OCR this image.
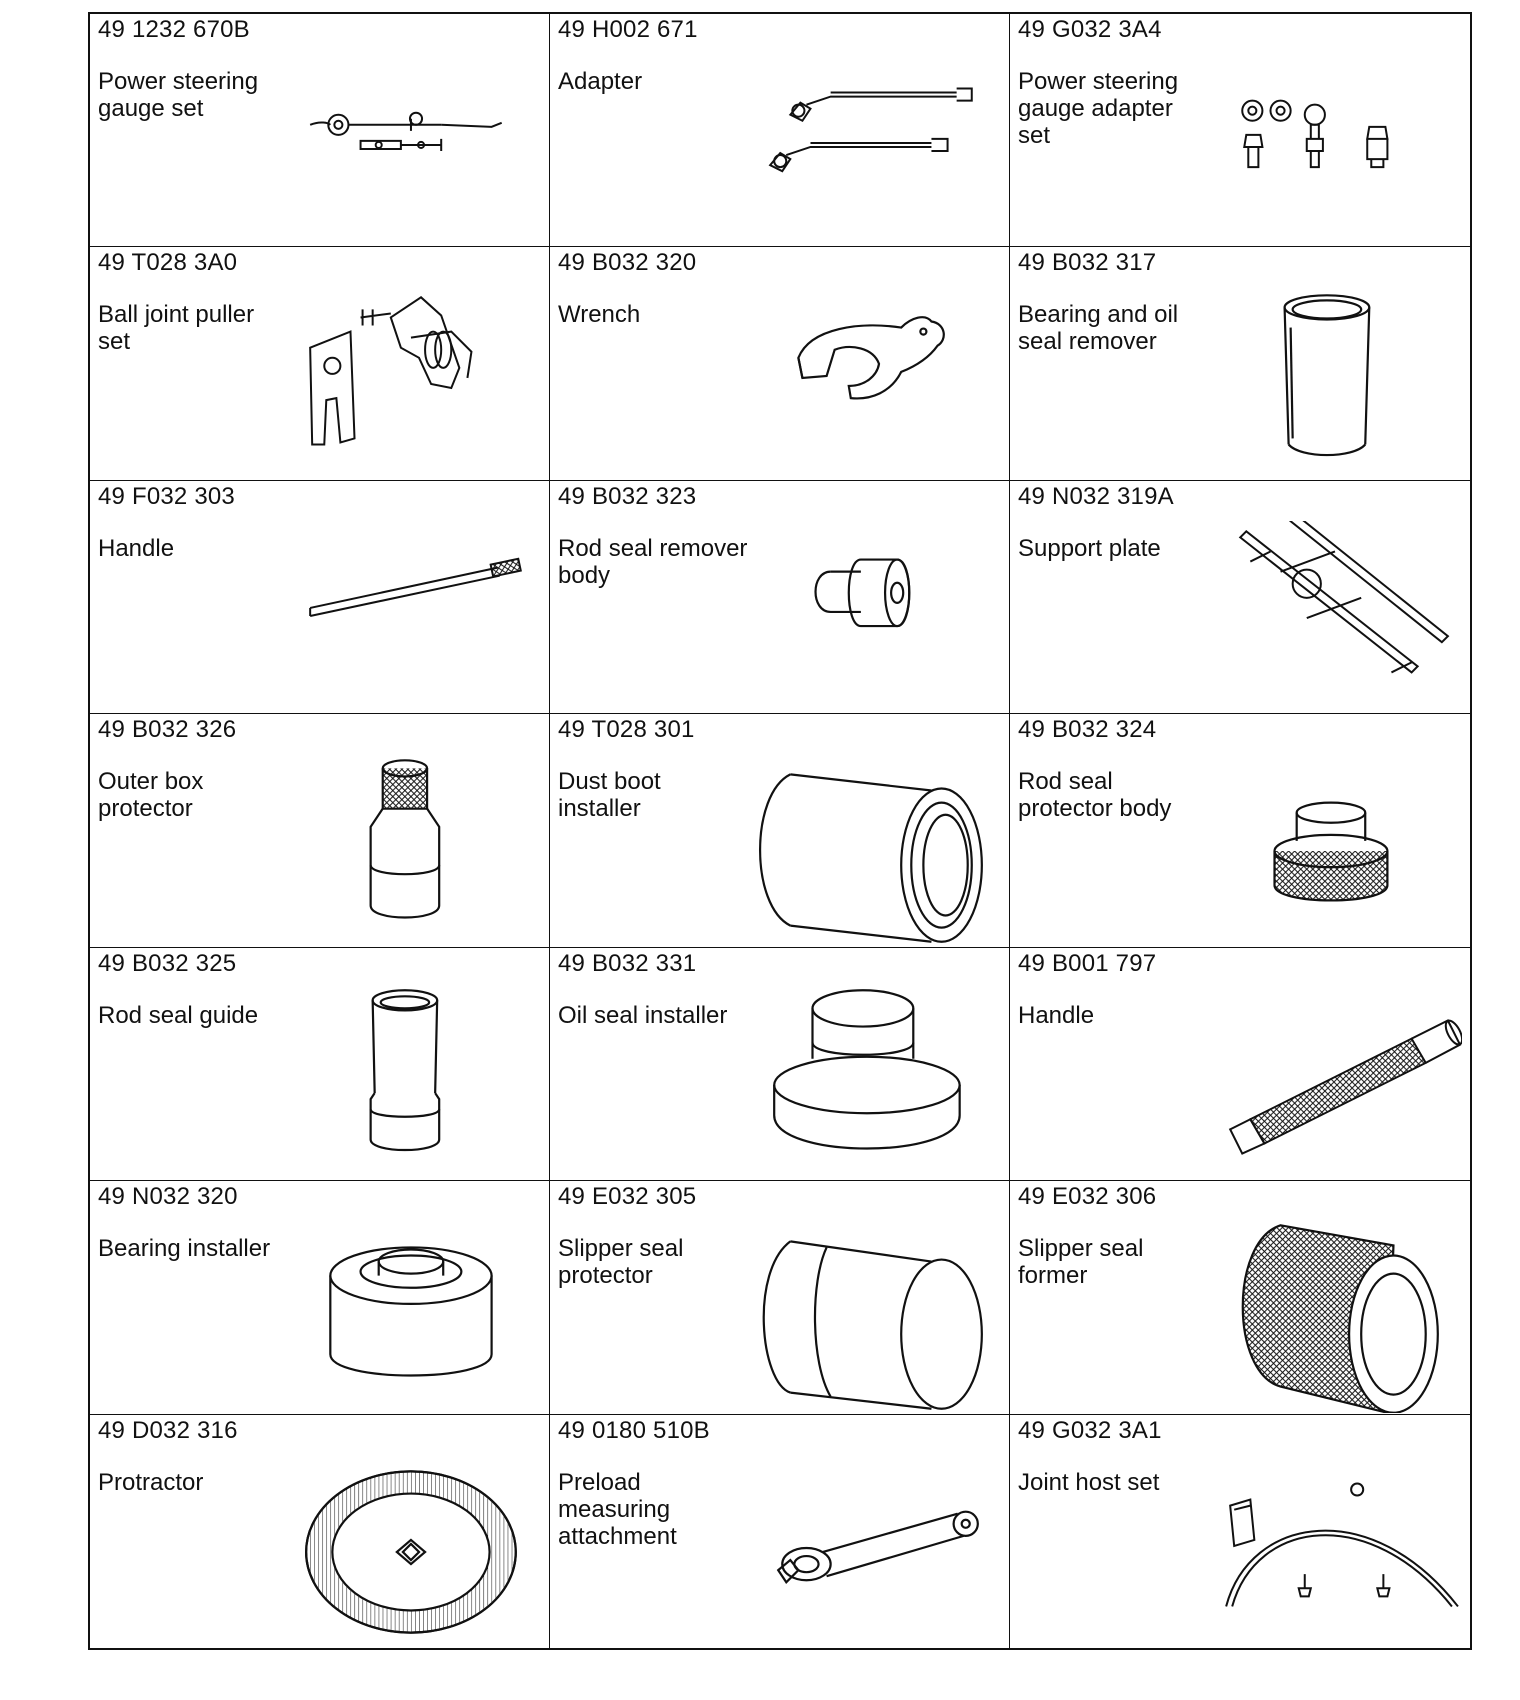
49 1232 670B
Power steering gauge set
49 H002 671
Adapter
49 G032 3A4
Power steering gauge adapter set
49 T028 3A0
Ball joint puller set
49 B032 320
Wrench
49 B032 317
Bearing and oil seal remover
49 F032 303
Handle
49 B032 323
Rod seal remover body
49 N032 319A
Support plate
49 B032 326
Outer box protector
49 T028 301
Dust boot installer
49 B032 324
Rod seal protector body
49 B032 325
Rod seal guide
49 B032 331
Oil seal installer
49 B001 797
Handle
49 N032 320
Bearing installer
49 E032 305
Slipper seal protector
49 E032 306
Slipper seal former
49 D032 316
Protractor
49 0180 510B
Preload measuring attachment
49 G032 3A1
Joint host set
